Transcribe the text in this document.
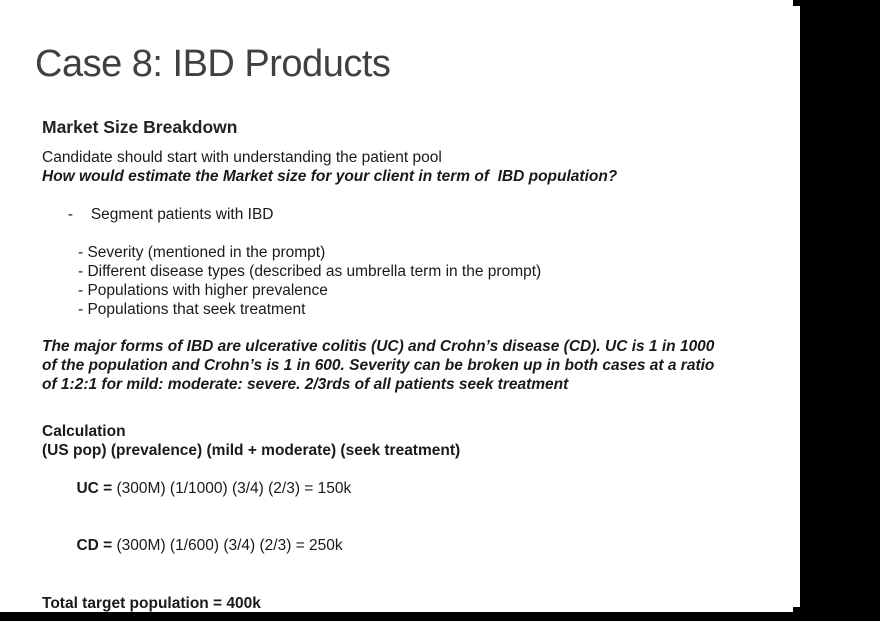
Case 8: IBD Products
Market Size Breakdown
Candidate should start with understanding the patient pool
How would estimate the Market size for your client in term of  IBD population?

- Segment patients with IBD

- Severity (mentioned in the prompt)
- Different disease types (described as umbrella term in the prompt)
- Populations with higher prevalence
- Populations that seek treatment
The major forms of IBD are ulcerative colitis (UC) and Crohn’s disease (CD). UC is 1 in 1000
of the population and Crohn’s is 1 in 600. Severity can be broken up in both cases at a ratio
of 1:2:1 for mild: moderate: severe. 2/3rds of all patients seek treatment
Calculation
(US pop) (prevalence) (mild + moderate) (seek treatment)

UC = (300M) (1/1000) (3/4) (2/3) = 150k

CD = (300M) (1/600) (3/4) (2/3) = 250k

Total target population = 400k
